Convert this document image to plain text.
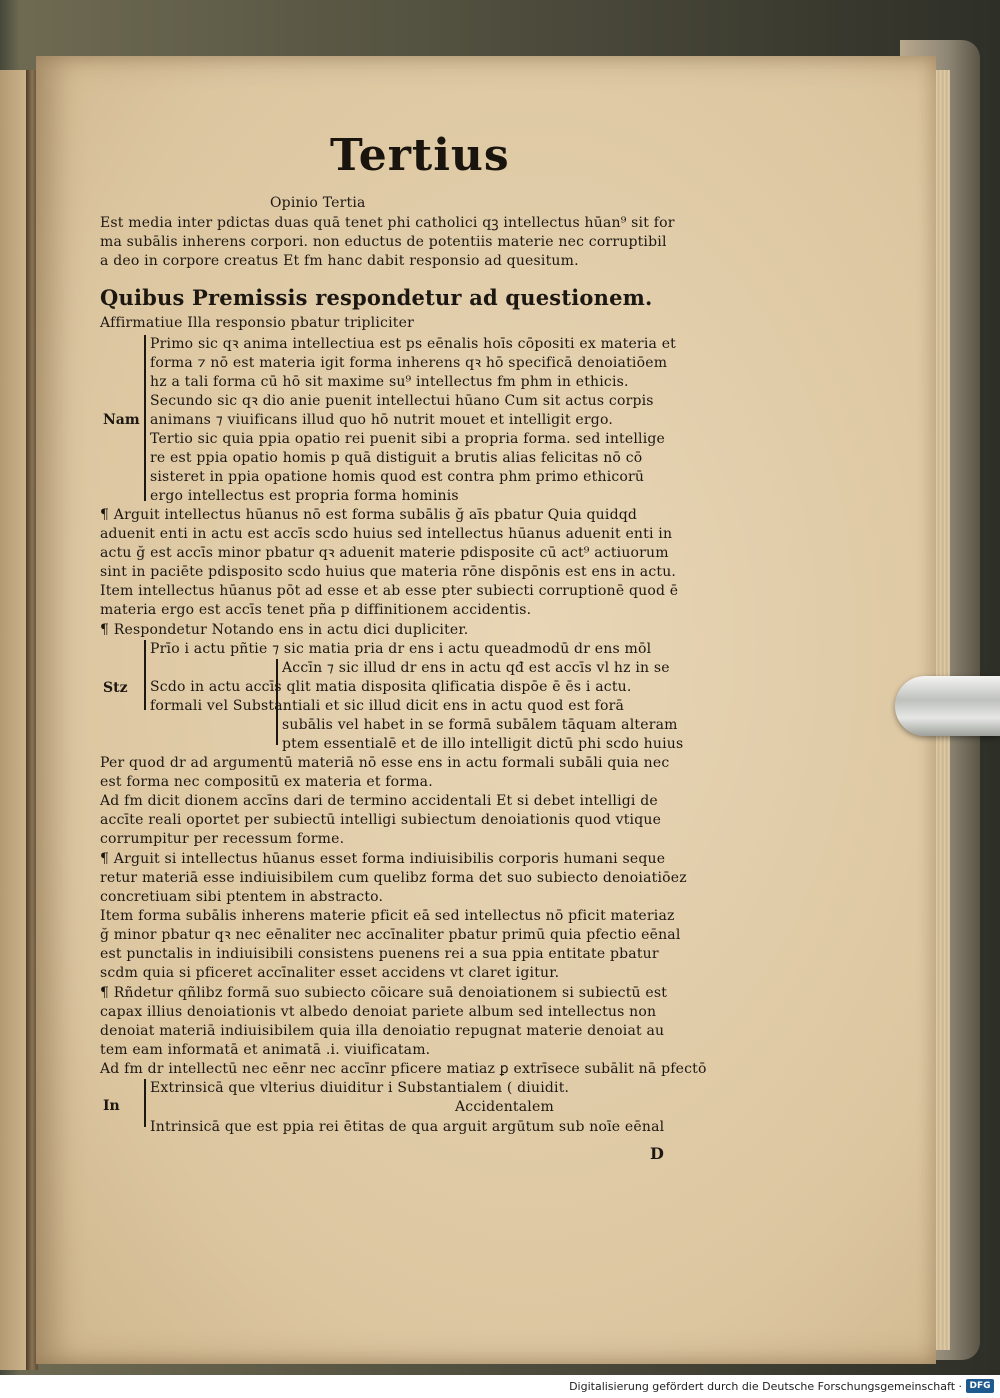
Tertius
Opinio Tertia
Est media inter pdictas duas quā tenet phi catholici qꝫ intellectus hūan⁹ sit for
ma subālis inherens corpori. non eductus de potentiis materie nec corruptibil
a deo in corpore creatus Et fm hanc dabit responsio ad quesitum.
Quibus Premissis respondetur ad questionem.
Affirmatiue Illa responsio pbatur tripliciter
Primo sic qꝛ anima intellectiua est ps eēnalis hoīs cōpositi ex materia et
forma ⁊ nō est materia igit forma inherens qꝛ hō specificā denoiatiōem
hz a tali forma cū hō sit maxime su⁹ intellectus fm phm in ethicis.
Secundo sic qꝛ dio anie puenit intellectui hūano Cum sit actus corpis
animans ⁊ viuificans illud quo hō nutrit mouet et intelligit ergo.
Tertio sic quia ppia opatio rei puenit sibi a propria forma. sed intellige
re est ppia opatio homis p quā distiguit a brutis alias felicitas nō cō
sisteret in ppia opatione homis quod est contra phm primo ethicorū
ergo intellectus est propria forma hominis
¶ Arguit intellectus hūanus nō est forma subālis ğ aīs pbatur Quia quidqd
aduenit enti in actu est accīs scdo huius sed intellectus hūanus aduenit enti in
actu ğ est accīs minor pbatur qꝛ aduenit materie pdisposite cū act⁹ actiuorum
sint in paciēte pdisposito scdo huius que materia rōne dispōnis est ens in actu.
Item intellectus hūanus pōt ad esse et ab esse pter subiecti corruptionē quod ē
materia ergo est accīs tenet pña p diffinitionem accidentis.
¶ Respondetur Notando ens in actu dici dupliciter.
Prīo i actu pñtie ⁊ sic matia pria dr ens i actu queadmodū dr ens mōl
Accīn ⁊ sic illud dr ens in actu qđ est accīs vl hz in se
Scdo in actu accīs qlit matia disposita qlificatia dispōe ē ēs i actu.
formali vel Substantiali et sic illud dicit ens in actu quod est forā
subālis vel habet in se formā subālem tāquam alteram
ptem essentialē et de illo intelligit dictū phi scdo huius
Per quod dr ad argumentū materiā nō esse ens in actu formali subāli quia nec
est forma nec compositū ex materia et forma.
Ad fm dicit dionem accīns dari de termino accidentali Et si debet intelligi de
accīte reali oportet per subiectū intelligi subiectum denoiationis quod vtique
corrumpitur per recessum forme.
¶ Arguit si intellectus hūanus esset forma indiuisibilis corporis humani seque
retur materiā esse indiuisibilem cum quelibz forma det suo subiecto denoiatiōez
concretiuam sibi ptentem in abstracto.
Item forma subālis inherens materie pficit eā sed intellectus nō pficit materiaz
ğ minor pbatur qꝛ nec eēnaliter nec accīnaliter pbatur primū quia pfectio eēnal
est punctalis in indiuisibili consistens puenens rei a sua ppia entitate pbatur
scdm quia si pficeret accīnaliter esset accidens vt claret igitur.
¶ Rñdetur qñlibz formā suo subiecto cōicare suā denoiationem si subiectū est
capax illius denoiationis vt albedo denoiat pariete album sed intellectus non
denoiat materiā indiuisibilem quia illa denoiatio repugnat materie denoiat au
tem eam informatā et animatā .i. viuificatam.
Ad fm dr intellectū nec eēnr nec accīnr pficere matiaz ꝑ extrīsece subālit nā pfectō
Extrinsicā que vlterius diuiditur i Substantialem ( diuidit.
Accidentalem
Intrinsicā que est ppia rei ētitas de qua arguit argūtum sub noīe eēnal
Nam
Stz
In
D
Digitalisierung gefördert durch die Deutsche Forschungsgemeinschaft · DFG
